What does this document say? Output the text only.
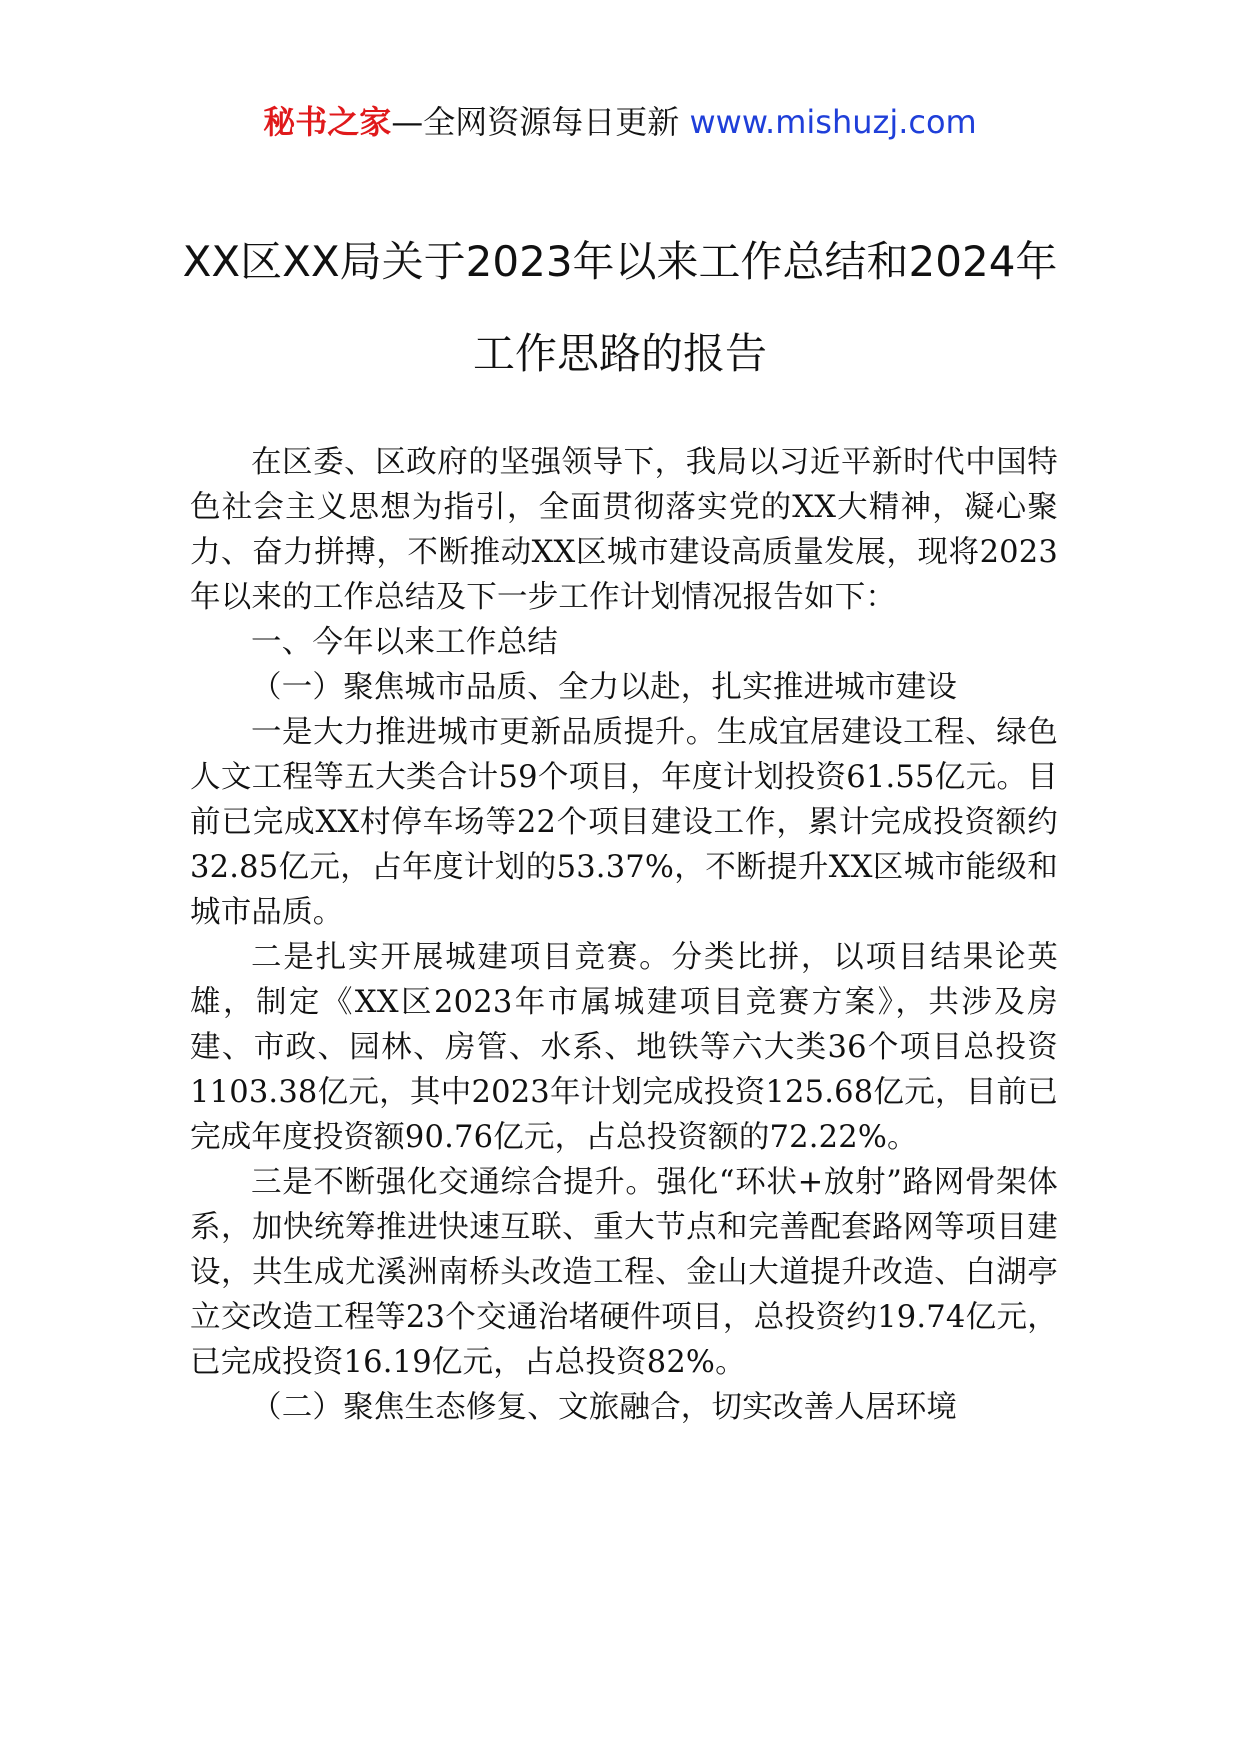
秘书之家—全网资源每日更新 www.mishuzj.com
XX区XX局关于2023年以来工作总结和2024年
工作思路的报告

在区委、区政府的坚强领导下，我局以习近平新时代中国特色社会主义思想为指引，全面贯彻落实党的XX大精神，凝心聚力、奋力拼搏，不断推动XX区城市建设高质量发展，现将2023年以来的工作总结及下一步工作计划情况报告如下：

一、今年以来工作总结

（一）聚焦城市品质、全力以赴，扎实推进城市建设

一是大力推进城市更新品质提升。生成宜居建设工程、绿色人文工程等五大类合计59个项目，年度计划投资61.55亿元。目前已完成XX村停车场等22个项目建设工作，累计完成投资额约32.85亿元，占年度计划的53.37%，不断提升XX区城市能级和城市品质。

二是扎实开展城建项目竞赛。分类比拼，以项目结果论英雄，制定《XX区2023年市属城建项目竞赛方案》，共涉及房建、市政、园林、房管、水系、地铁等六大类36个项目总投资1103.38亿元，其中2023年计划完成投资125.68亿元，目前已完成年度投资额90.76亿元，占总投资额的72.22%。

三是不断强化交通综合提升。强化“环状+放射”路网骨架体系，加快统筹推进快速互联、重大节点和完善配套路网等项目建设，共生成尤溪洲南桥头改造工程、金山大道提升改造、白湖亭立交改造工程等23个交通治堵硬件项目，总投资约19.74亿元，已完成投资16.19亿元，占总投资82%。

（二）聚焦生态修复、文旅融合，切实改善人居环境
